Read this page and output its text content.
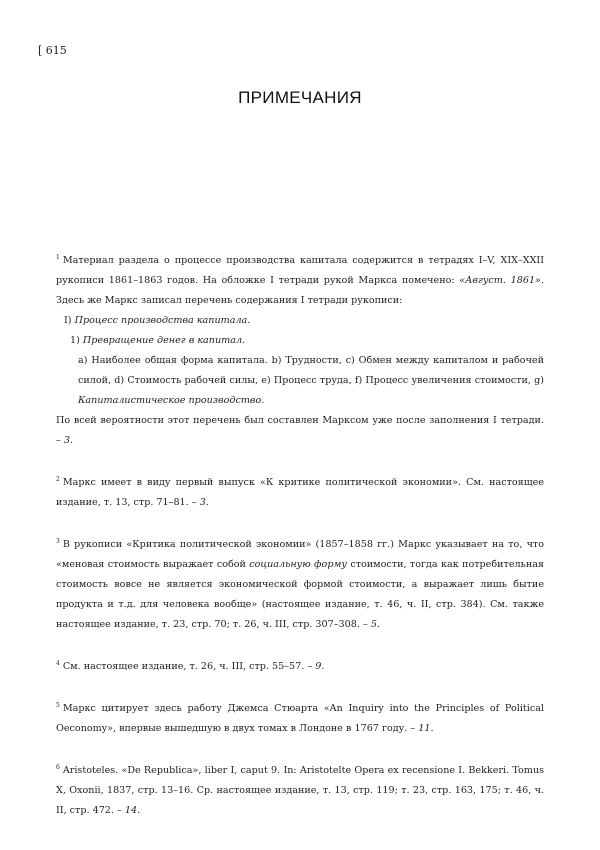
[ 615
ПРИМЕЧАНИЯ
$^1$ Материал раздела о процессе производства капитала содержится в тетрадях I–V, XIX–XXII рукописи 1861–1863 годов. На обложке I тетради рукой Маркса помечено: «Август. 1861». Здесь же Маркс записал перечень содержания I тетради рукописи:
I) Процесс производства капитала.
1) Превращение денег в капитал.
a) Наиболее общая форма капитала. b) Трудности, c) Обмен между капиталом и рабочей силой, d) Стоимость рабочей силы, e) Процесс труда, f) Процесс увеличения стоимости, g) Капиталистическое производство.
По всей вероятности этот перечень был составлен Марксом уже после заполнения I тетради. – 3.
$^2$ Маркс имеет в виду первый выпуск «К критике политической экономии». См. настоящее издание, т. 13, стр. 71–81. – 3.
$^3$ В рукописи «Критика политической экономии» (1857–1858 гг.) Маркс указывает на то, что «меновая стоимость выражает собой социальную форму стоимости, тогда как потребительная стоимость вовсе не является экономической формой стоимости, а выражает лишь бытие продукта и т.д. для человека вообще» (настоящее издание, т. 46, ч. II, стр. 384). См. также настоящее издание, т. 23, стр. 70; т. 26, ч. III, стр. 307–308. – 5.
$^4$ См. настоящее издание, т. 26, ч. III, стр. 55–57. – 9.
$^5$ Маркс цитирует здесь работу Джемса Стюарта «An Inquiry into the Principles of Political Oeconomy», впервые вышедшую в двух томах в Лондоне в 1767 году. – 11.
$^6$ Aristoteles. «De Republica», liber I, caput 9. In: Aristotelte Opera ex recensione I. Bekkeri. Tomus X, Oxonii, 1837, стр. 13–16. Ср. настоящее издание, т. 13, стр. 119; т. 23, стр. 163, 175; т. 46, ч. II, стр. 472. – 14.
